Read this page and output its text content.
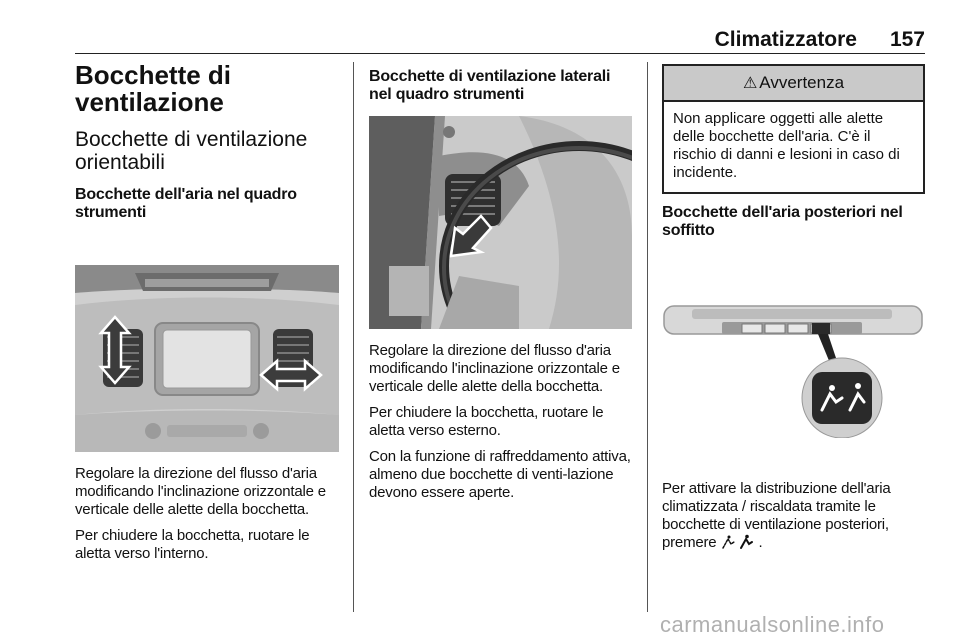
Climatizzatore 157
Bocchette di ventilazione
Bocchette di ventilazione orientabili
Bocchette dell'aria nel quadro strumenti
Regolare la direzione del flusso d'aria modificando l'inclinazione orizzontale e verticale delle alette della bocchetta.
Per chiudere la bocchetta, ruotare le aletta verso l'interno.
Bocchette di ventilazione laterali nel quadro strumenti
Regolare la direzione del flusso d'aria modificando l'inclinazione orizzontale e verticale delle alette della bocchetta.
Per chiudere la bocchetta, ruotare le aletta verso esterno.
Con la funzione di raffreddamento attiva, almeno due bocchette di venti-lazione devono essere aperte.
⚠ Avvertenza
Non applicare oggetti alle alette delle bocchette dell'aria. C'è il rischio di danni e lesioni in caso di incidente.
Bocchette dell'aria posteriori nel soffitto
Per attivare la distribuzione dell'aria climatizzata / riscaldata tramite le bocchette di ventilazione posteriori, premere	.
carmanualsonline.info
